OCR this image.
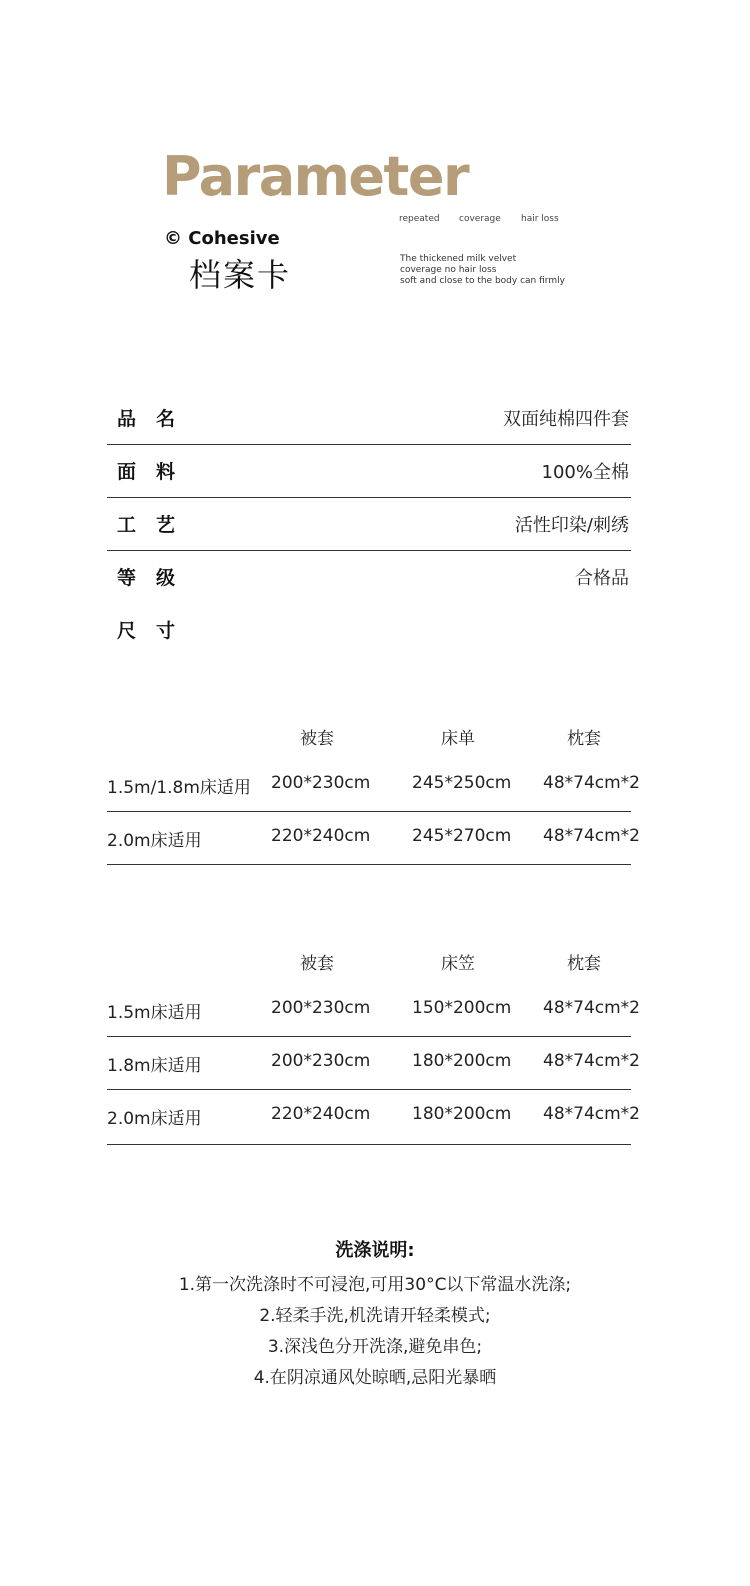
Parameter
© Cohesive
档案卡
repeated coverage hair loss
The thickened milk velvet
coverage no hair loss
soft and close to the body can firmly
品名	双面纯棉四件套
面料	100%全棉
工艺	活性印染/刺绣
等级	合格品
尺寸
被套	床单	枕套
1.5m/1.8m床适用 200*230cm 245*250cm 48*74cm*2
2.0m床适用	220*240cm 245*270cm 48*74cm*2
被套	床笠	枕套
1.5m床适用	200*230cm 150*200cm 48*74cm*2
1.8m床适用	200*230cm 180*200cm 48*74cm*2
2.0m床适用	220*240cm 180*200cm 48*74cm*2
洗涤说明:
1.第一次洗涤时不可浸泡,可用30°C以下常温水洗涤;
2.轻柔手洗,机洗请开轻柔模式;
3.深浅色分开洗涤,避免串色;
4.在阴凉通风处晾晒,忌阳光暴晒
